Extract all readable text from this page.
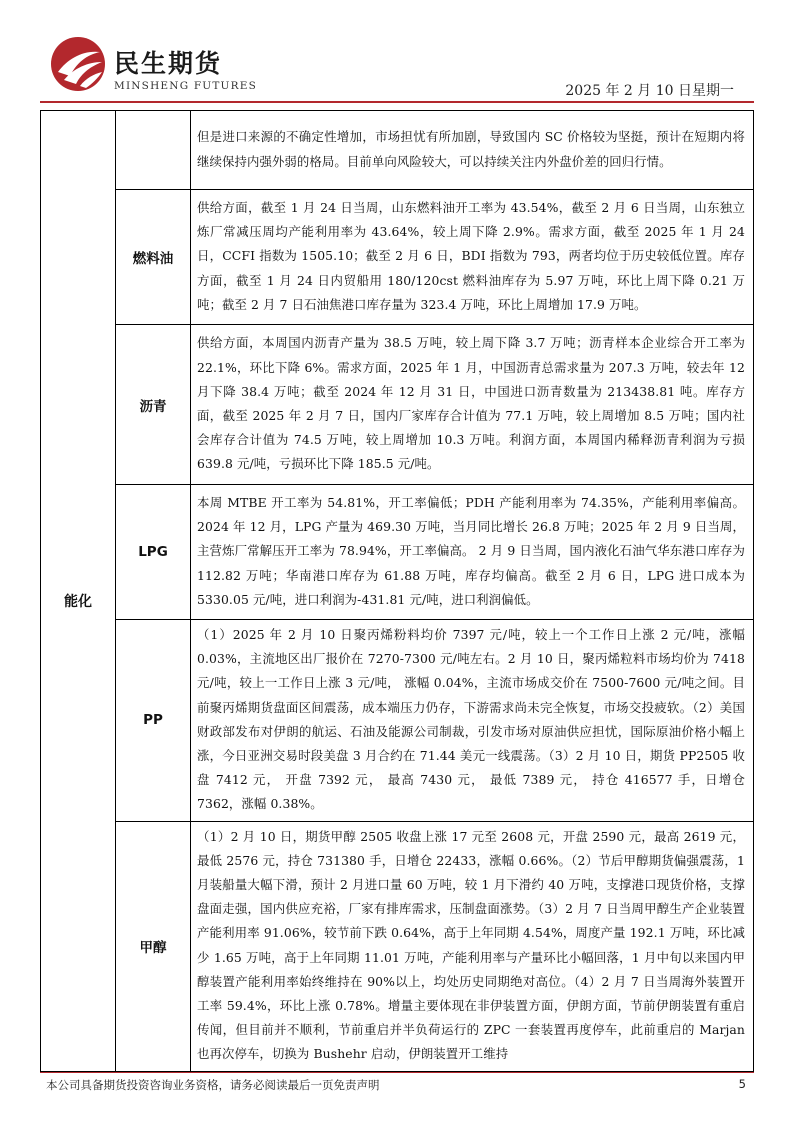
民生期货
MINSHENG FUTURES	2025 年 2 月 10 日星期一
能化		但是进口来源的不确定性增加，市场担忧有所加剧，导致国内 SC 价格较为坚挺，预计在短期内将继续保持内强外弱的格局。目前单向风险较大，可以持续关注内外盘价差的回归行情。
	燃料油	供给方面，截至 1 月 24 日当周，山东燃料油开工率为 43.54%，截至 2 月 6 日当周，山东独立炼厂常减压周均产能利用率为 43.64%，较上周下降 2.9%。需求方面，截至 2025 年 1 月 24 日，CCFI 指数为 1505.10；截至 2 月 6 日，BDI 指数为 793，两者均位于历史较低位置。库存方面，截至 1 月 24 日内贸船用 180/120cst 燃料油库存为 5.97 万吨，环比上周下降 0.21 万吨；截至 2 月 7 日石油焦港口库存量为 323.4 万吨，环比上周增加 17.9 万吨。
	沥青	供给方面，本周国内沥青产量为 38.5 万吨，较上周下降 3.7 万吨；沥青样本企业综合开工率为 22.1%，环比下降 6%。需求方面，2025 年 1 月，中国沥青总需求量为 207.3 万吨，较去年 12 月下降 38.4 万吨；截至 2024 年 12 月 31 日，中国进口沥青数量为 213438.81 吨。库存方面，截至 2025 年 2 月 7 日，国内厂家库存合计值为 77.1 万吨，较上周增加 8.5 万吨；国内社会库存合计值为 74.5 万吨，较上周增加 10.3 万吨。利润方面，本周国内稀释沥青利润为亏损 639.8 元/吨，亏损环比下降 185.5 元/吨。
	LPG	本周 MTBE 开工率为 54.81%，开工率偏低；PDH 产能利用率为 74.35%，产能利用率偏高。2024 年 12 月，LPG 产量为 469.30 万吨，当月同比增长 26.8 万吨；2025 年 2 月 9 日当周，主营炼厂常解压开工率为 78.94%，开工率偏高。 2 月 9 日当周，国内液化石油气华东港口库存为 112.82 万吨；华南港口库存为 61.88 万吨，库存均偏高。截至 2 月 6 日，LPG 进口成本为 5330.05 元/吨，进口利润为-431.81 元/吨，进口利润偏低。
	PP	（1）2025 年 2 月 10 日聚丙烯粉料均价 7397 元/吨，较上一个工作日上涨 2 元/吨，涨幅 0.03%，主流地区出厂报价在 7270-7300 元/吨左右。2 月 10 日，聚丙烯粒料市场均价为 7418 元/吨，较上一工作日上涨 3 元/吨， 涨幅 0.04%，主流市场成交价在 7500-7600 元/吨之间。目前聚丙烯期货盘面区间震荡，成本端压力仍存，下游需求尚未完全恢复，市场交投疲软。（2）美国财政部发布对伊朗的航运、石油及能源公司制裁，引发市场对原油供应担忧，国际原油价格小幅上涨，今日亚洲交易时段美盘 3 月合约在 71.44 美元一线震荡。（3）2 月 10 日，期货 PP2505 收盘 7412 元， 开盘 7392 元， 最高 7430 元， 最低 7389 元， 持仓 416577 手，日增仓 7362，涨幅 0.38%。
	甲醇	（1）2 月 10 日，期货甲醇 2505 收盘上涨 17 元至 2608 元，开盘 2590 元，最高 2619 元，最低 2576 元，持仓 731380 手，日增仓 22433，涨幅 0.66%。（2）节后甲醇期货偏强震荡，1 月装船量大幅下滑，预计 2 月进口量 60 万吨，较 1 月下滑约 40 万吨，支撑港口现货价格，支撑盘面走强，国内供应充裕，厂家有排库需求，压制盘面涨势。（3）2 月 7 日当周甲醇生产企业装置产能利用率 91.06%，较节前下跌 0.64%，高于上年同期 4.54%，周度产量 192.1 万吨，环比减少 1.65 万吨，高于上年同期 11.01 万吨，产能利用率与产量环比小幅回落，1 月中旬以来国内甲醇装置产能利用率始终维持在 90%以上，均处历史同期绝对高位。（4）2 月 7 日当周海外装置开工率 59.4%，环比上涨 0.78%。增量主要体现在非伊装置方面，伊朗方面，节前伊朗装置有重启传闻，但目前并不顺利，节前重启并半负荷运行的 ZPC 一套装置再度停车，此前重启的 Marjan 也再次停车，切换为 Bushehr 启动，伊朗装置开工维持
本公司具备期货投资咨询业务资格，请务必阅读最后一页免责声明	5
